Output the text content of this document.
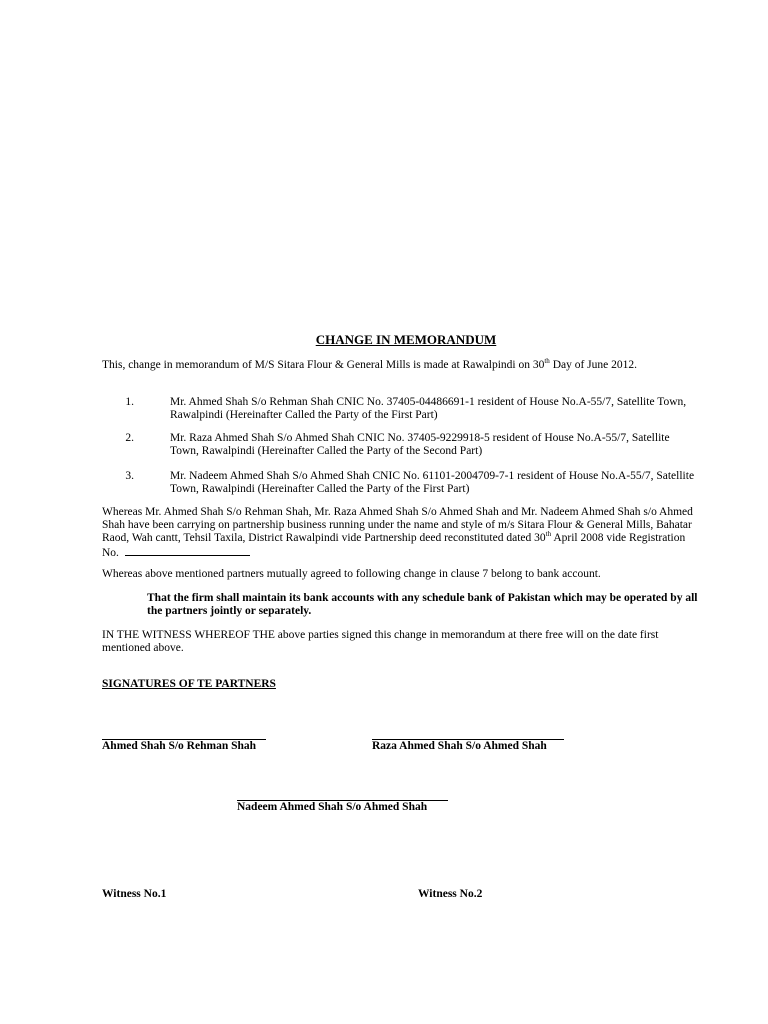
CHANGE IN MEMORANDUM
This, change in memorandum of M/S Sitara Flour & General Mills is made at Rawalpindi on 30th Day of June 2012.
1.	Mr. Ahmed Shah S/o Rehman Shah CNIC No. 37405-04486691-1 resident of House No.A-55/7, Satellite Town, Rawalpindi (Hereinafter Called the Party of the First Part)
2.	Mr. Raza Ahmed Shah S/o Ahmed Shah CNIC No. 37405-9229918-5 resident of House No.A-55/7, Satellite Town, Rawalpindi (Hereinafter Called the Party of the Second Part)
3.	Mr. Nadeem Ahmed Shah S/o Ahmed Shah CNIC No. 61101-2004709-7-1 resident of House No.A-55/7, Satellite Town, Rawalpindi (Hereinafter Called the Party of the First Part)
Whereas Mr. Ahmed Shah S/o Rehman Shah, Mr. Raza Ahmed Shah S/o Ahmed Shah and Mr. Nadeem Ahmed Shah s/o Ahmed Shah have been carrying on partnership business running under the name and style of m/s Sitara Flour & General Mills, Bahatar Raod, Wah cantt, Tehsil Taxila, District Rawalpindi vide Partnership deed reconstituted dated 30th April 2008 vide Registration No.
Whereas above mentioned partners mutually agreed to following change in clause 7 belong to bank account.
That the firm shall maintain its bank accounts with any schedule bank of Pakistan which may be operated by all the partners jointly or separately.
IN THE WITNESS WHEREOF THE above parties signed this change in memorandum at there free will on the date first mentioned above.
SIGNATURES OF TE PARTNERS
Ahmed Shah S/o Rehman Shah	Raza Ahmed Shah S/o Ahmed Shah
Nadeem Ahmed Shah S/o Ahmed Shah
Witness No.1	Witness No.2
